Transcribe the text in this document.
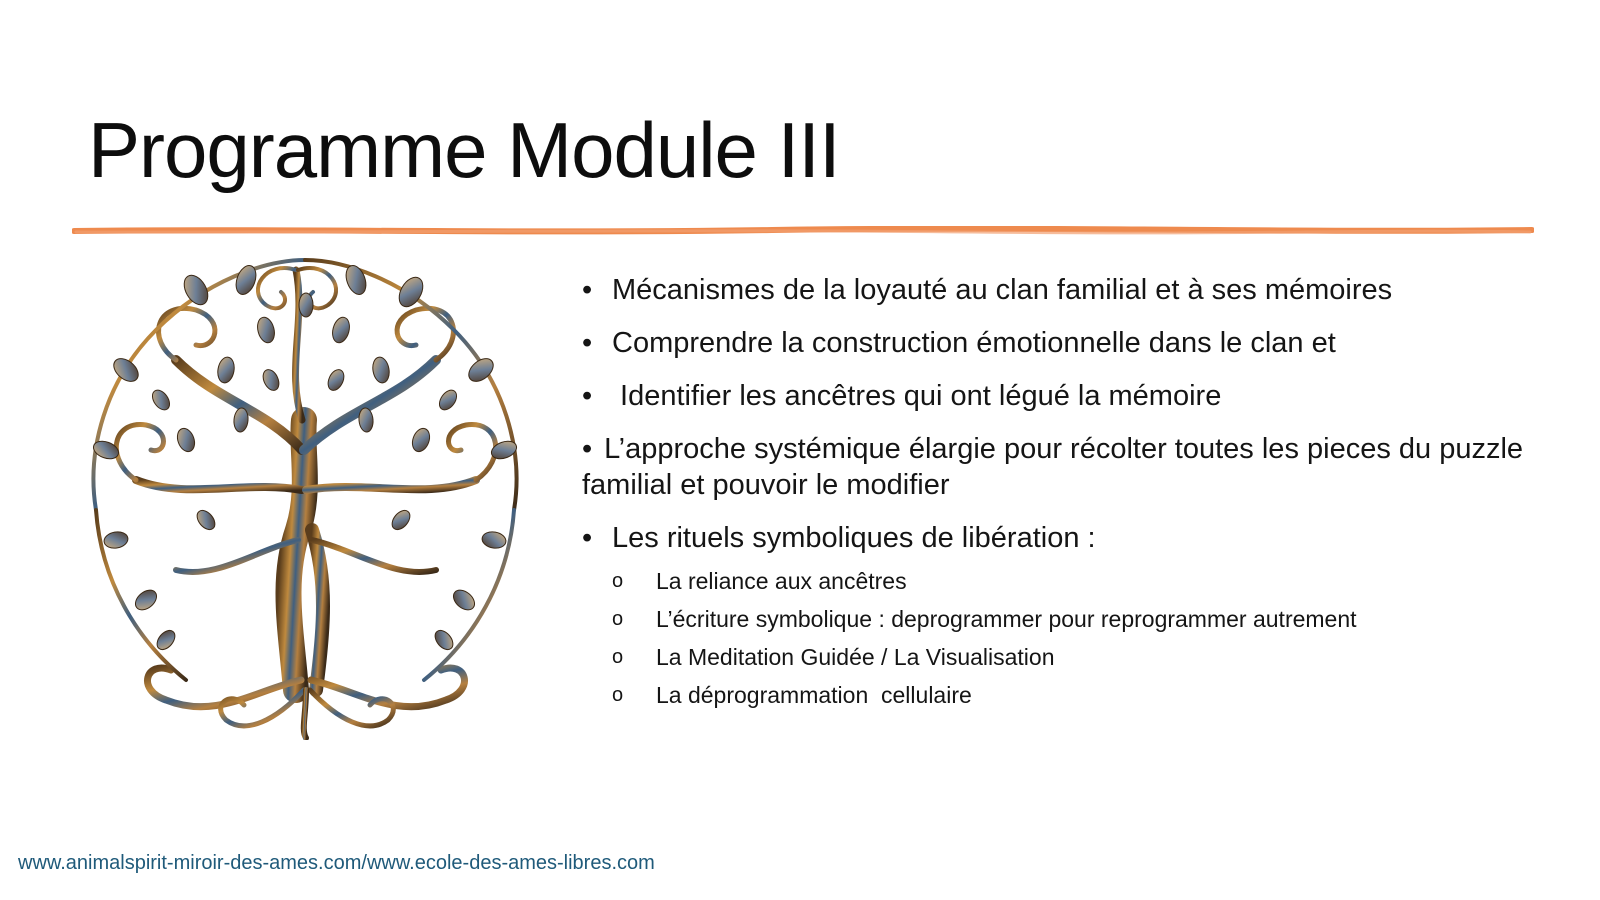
Programme Module III

• Mécanismes de la loyauté au clan familial et à ses mémoires

• Comprendre la construction émotionnelle dans le clan et

• Identifier les ancêtres qui ont légué la mémoire

• L’approche systémique élargie pour récolter toutes les pieces du puzzle familial et pouvoir le modifier

• Les rituels symboliques de libération :

o La reliance aux ancêtres

o L’écriture symbolique : deprogrammer pour reprogrammer autrement

o La Meditation Guidée / La Visualisation

o La déprogrammation  cellulaire

www.animalspirit-miroir-des-ames.com/www.ecole-des-ames-libres.com
